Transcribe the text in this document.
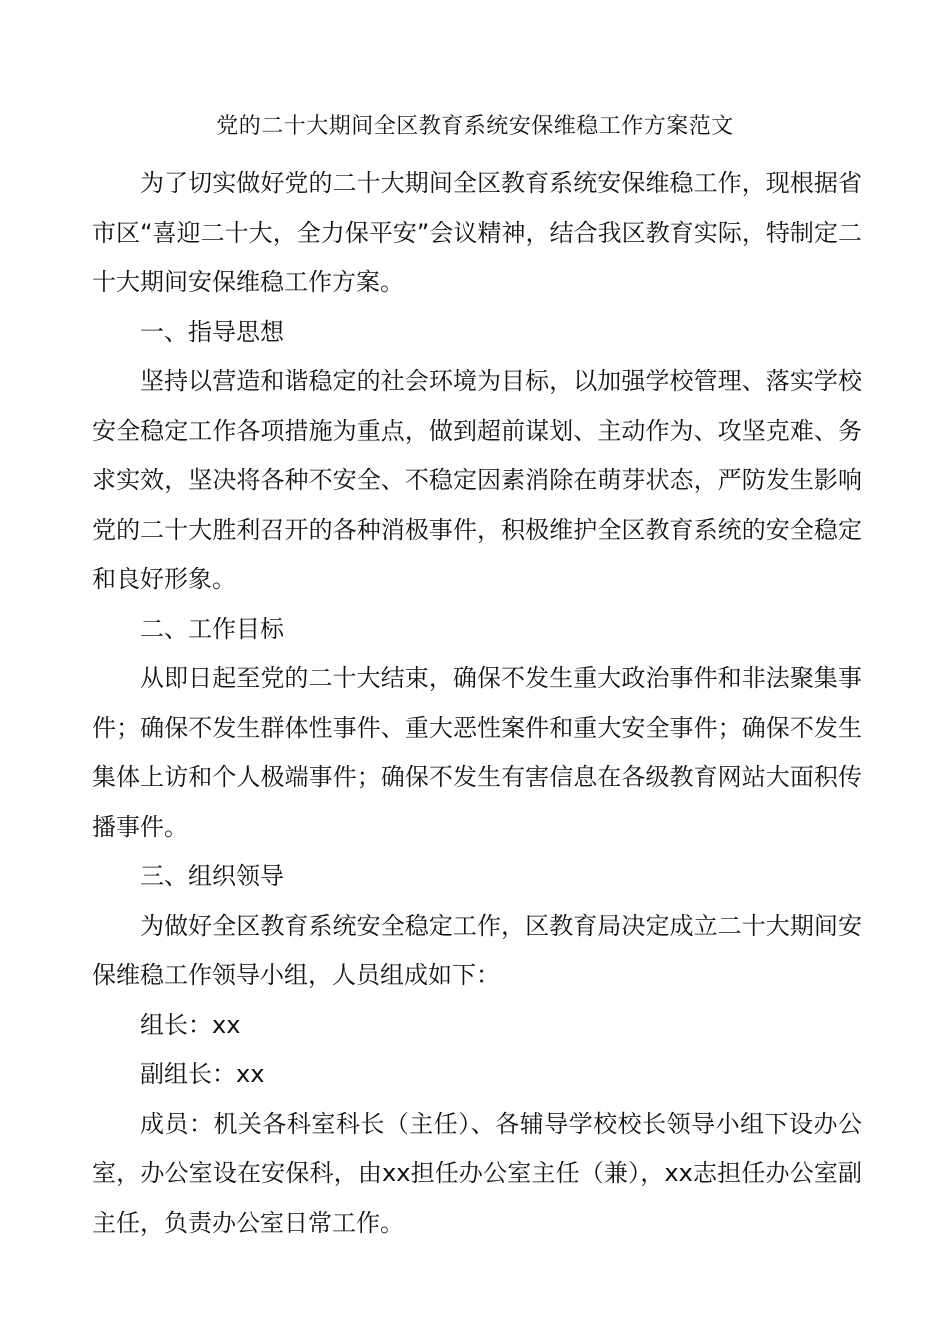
党的二十大期间全区教育系统安保维稳工作方案范文

为了切实做好党的二十大期间全区教育系统安保维稳工作，现根据省市区“喜迎二十大，全力保平安”会议精神，结合我区教育实际，特制定二十大期间安保维稳工作方案。

一、指导思想

坚持以营造和谐稳定的社会环境为目标，以加强学校管理、落实学校安全稳定工作各项措施为重点，做到超前谋划、主动作为、攻坚克难、务求实效，坚决将各种不安全、不稳定因素消除在萌芽状态，严防发生影响党的二十大胜利召开的各种消极事件，积极维护全区教育系统的安全稳定和良好形象。

二、工作目标

从即日起至党的二十大结束，确保不发生重大政治事件和非法聚集事件；确保不发生群体性事件、重大恶性案件和重大安全事件；确保不发生集体上访和个人极端事件；确保不发生有害信息在各级教育网站大面积传播事件。

三、组织领导

为做好全区教育系统安全稳定工作，区教育局决定成立二十大期间安保维稳工作领导小组，人员组成如下：

组长：xx

副组长：xx

成员：机关各科室科长（主任）、各辅导学校校长领导小组下设办公室，办公室设在安保科，由xx担任办公室主任（兼），xx志担任办公室副主任，负责办公室日常工作。
